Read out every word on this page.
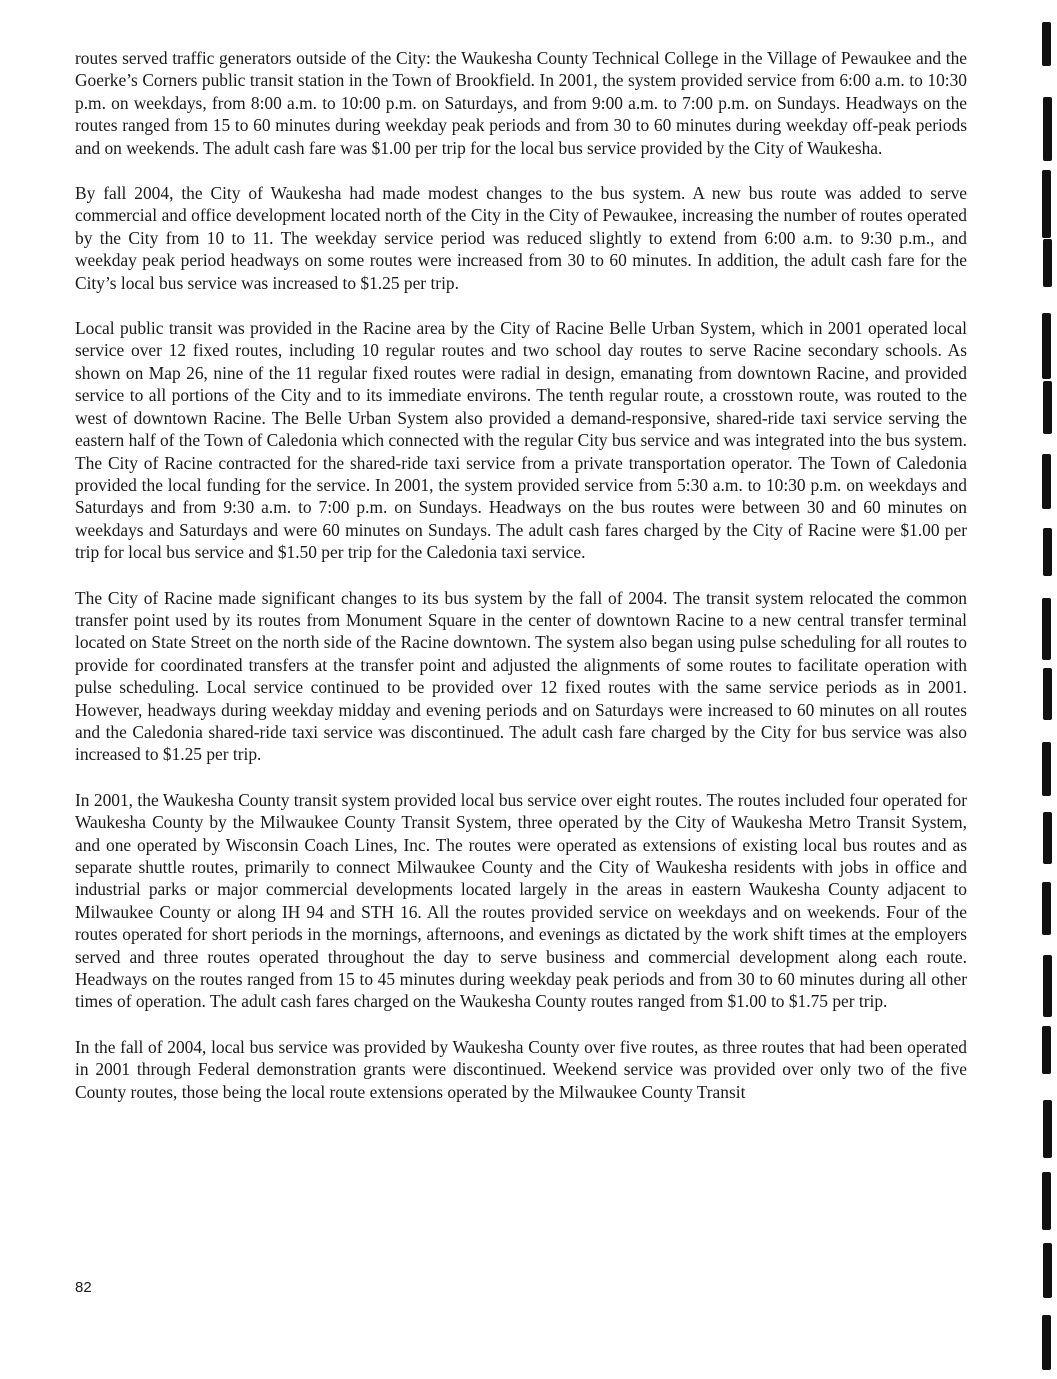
routes served traffic generators outside of the City: the Waukesha County Technical College in the Village of Pewaukee and the Goerke’s Corners public transit station in the Town of Brookfield. In 2001, the system provided service from 6:00 a.m. to 10:30 p.m. on weekdays, from 8:00 a.m. to 10:00 p.m. on Saturdays, and from 9:00 a.m. to 7:00 p.m. on Sundays. Headways on the routes ranged from 15 to 60 minutes during weekday peak periods and from 30 to 60 minutes during weekday off-peak periods and on weekends. The adult cash fare was $1.00 per trip for the local bus service provided by the City of Waukesha.

By fall 2004, the City of Waukesha had made modest changes to the bus system. A new bus route was added to serve commercial and office development located north of the City in the City of Pewaukee, increasing the number of routes operated by the City from 10 to 11. The weekday service period was reduced slightly to extend from 6:00 a.m. to 9:30 p.m., and weekday peak period headways on some routes were increased from 30 to 60 minutes. In addition, the adult cash fare for the City’s local bus service was increased to $1.25 per trip.

Local public transit was provided in the Racine area by the City of Racine Belle Urban System, which in 2001 operated local service over 12 fixed routes, including 10 regular routes and two school day routes to serve Racine secondary schools. As shown on Map 26, nine of the 11 regular fixed routes were radial in design, emanating from downtown Racine, and provided service to all portions of the City and to its immediate environs. The tenth regular route, a crosstown route, was routed to the west of downtown Racine. The Belle Urban System also provided a demand-responsive, shared-ride taxi service serving the eastern half of the Town of Caledonia which connected with the regular City bus service and was integrated into the bus system. The City of Racine contracted for the shared-ride taxi service from a private transportation operator. The Town of Caledonia provided the local funding for the service. In 2001, the system provided service from 5:30 a.m. to 10:30 p.m. on weekdays and Saturdays and from 9:30 a.m. to 7:00 p.m. on Sundays. Headways on the bus routes were between 30 and 60 minutes on weekdays and Saturdays and were 60 minutes on Sundays. The adult cash fares charged by the City of Racine were $1.00 per trip for local bus service and $1.50 per trip for the Caledonia taxi service.

The City of Racine made significant changes to its bus system by the fall of 2004. The transit system relocated the common transfer point used by its routes from Monument Square in the center of downtown Racine to a new central transfer terminal located on State Street on the north side of the Racine downtown. The system also began using pulse scheduling for all routes to provide for coordinated transfers at the transfer point and adjusted the alignments of some routes to facilitate operation with pulse scheduling. Local service continued to be provided over 12 fixed routes with the same service periods as in 2001. However, headways during weekday midday and evening periods and on Saturdays were increased to 60 minutes on all routes and the Caledonia shared-ride taxi service was discontinued. The adult cash fare charged by the City for bus service was also increased to $1.25 per trip.

In 2001, the Waukesha County transit system provided local bus service over eight routes. The routes included four operated for Waukesha County by the Milwaukee County Transit System, three operated by the City of Waukesha Metro Transit System, and one operated by Wisconsin Coach Lines, Inc. The routes were operated as extensions of existing local bus routes and as separate shuttle routes, primarily to connect Milwaukee County and the City of Waukesha residents with jobs in office and industrial parks or major commercial developments located largely in the areas in eastern Waukesha County adjacent to Milwaukee County or along IH 94 and STH 16. All the routes provided service on weekdays and on weekends. Four of the routes operated for short periods in the mornings, afternoons, and evenings as dictated by the work shift times at the employers served and three routes operated throughout the day to serve business and commercial development along each route. Headways on the routes ranged from 15 to 45 minutes during weekday peak periods and from 30 to 60 minutes during all other times of operation. The adult cash fares charged on the Waukesha County routes ranged from $1.00 to $1.75 per trip.

In the fall of 2004, local bus service was provided by Waukesha County over five routes, as three routes that had been operated in 2001 through Federal demonstration grants were discontinued. Weekend service was provided over only two of the five County routes, those being the local route extensions operated by the Milwaukee County Transit

82
